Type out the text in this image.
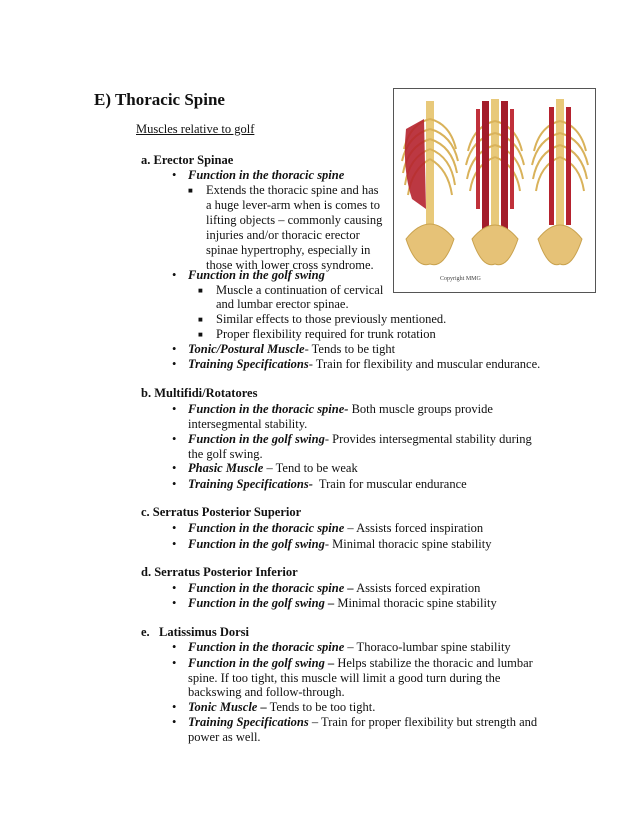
E) Thoracic Spine
Muscles relative to golf
Copyright MMG
a. Erector Spinae
• Function in the thoracic spine
■ Extends the thoracic spine and has
a huge lever-arm when is comes to
lifting objects – commonly causing
injuries and/or thoracic erector
spinae hypertrophy, especially in
those with lower cross syndrome.
• Function in the golf swing
■ Muscle a continuation of cervical
and lumbar erector spinae.
■ Similar effects to those previously mentioned.
■ Proper flexibility required for trunk rotation
• Tonic/Postural Muscle- Tends to be tight
• Training Specifications- Train for flexibility and muscular endurance.
b. Multifidi/Rotatores
• Function in the thoracic spine- Both muscle groups provide
intersegmental stability.
• Function in the golf swing- Provides intersegmental stability during
the golf swing.
• Phasic Muscle – Tend to be weak
• Training Specifications-  Train for muscular endurance
c. Serratus Posterior Superior
• Function in the thoracic spine – Assists forced inspiration
• Function in the golf swing- Minimal thoracic spine stability
d. Serratus Posterior Inferior
• Function in the thoracic spine – Assists forced expiration
• Function in the golf swing – Minimal thoracic spine stability
e.   Latissimus Dorsi
• Function in the thoracic spine – Thoraco-lumbar spine stability
• Function in the golf swing – Helps stabilize the thoracic and lumbar
spine. If too tight, this muscle will limit a good turn during the
backswing and follow-through.
• Tonic Muscle – Tends to be too tight.
• Training Specifications – Train for proper flexibility but strength and
power as well.
